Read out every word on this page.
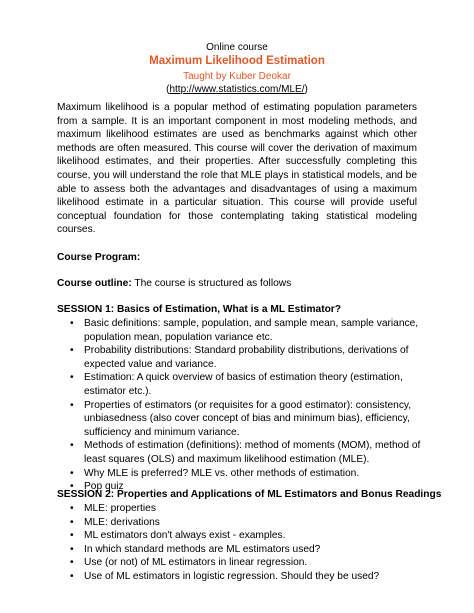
Online course
Maximum Likelihood Estimation
Taught by Kuber Deokar
(http://www.statistics.com/MLE/)
Maximum likelihood is a popular method of estimating population parameters from a sample. It is an important component in most modeling methods, and maximum likelihood estimates are used as benchmarks against which other methods are often measured. This course will cover the derivation of maximum likelihood estimates, and their properties. After successfully completing this course, you will understand the role that MLE plays in statistical models, and be able to assess both the advantages and disadvantages of using a maximum likelihood estimate in a particular situation. This course will provide useful conceptual foundation for those contemplating taking statistical modeling courses.
Course Program:
Course outline: The course is structured as follows
SESSION 1: Basics of Estimation, What is a ML Estimator?
• Basic definitions: sample, population, and sample mean, sample variance, population mean, population variance etc.
• Probability distributions: Standard probability distributions, derivations of expected value and variance.
• Estimation: A quick overview of basics of estimation theory (estimation, estimator etc.).
• Properties of estimators (or requisites for a good estimator): consistency, unbiasedness (also cover concept of bias and minimum bias), efficiency, sufficiency and minimum variance.
• Methods of estimation (definitions): method of moments (MOM), method of least squares (OLS) and maximum likelihood estimation (MLE).
• Why MLE is preferred? MLE vs. other methods of estimation.
• Pop quiz
SESSION 2: Properties and Applications of ML Estimators and Bonus Readings
• MLE: properties
• MLE: derivations
• ML estimators don't always exist - examples.
• In which standard methods are ML estimators used?
• Use (or not) of ML estimators in linear regression.
• Use of ML estimators in logistic regression. Should they be used?
